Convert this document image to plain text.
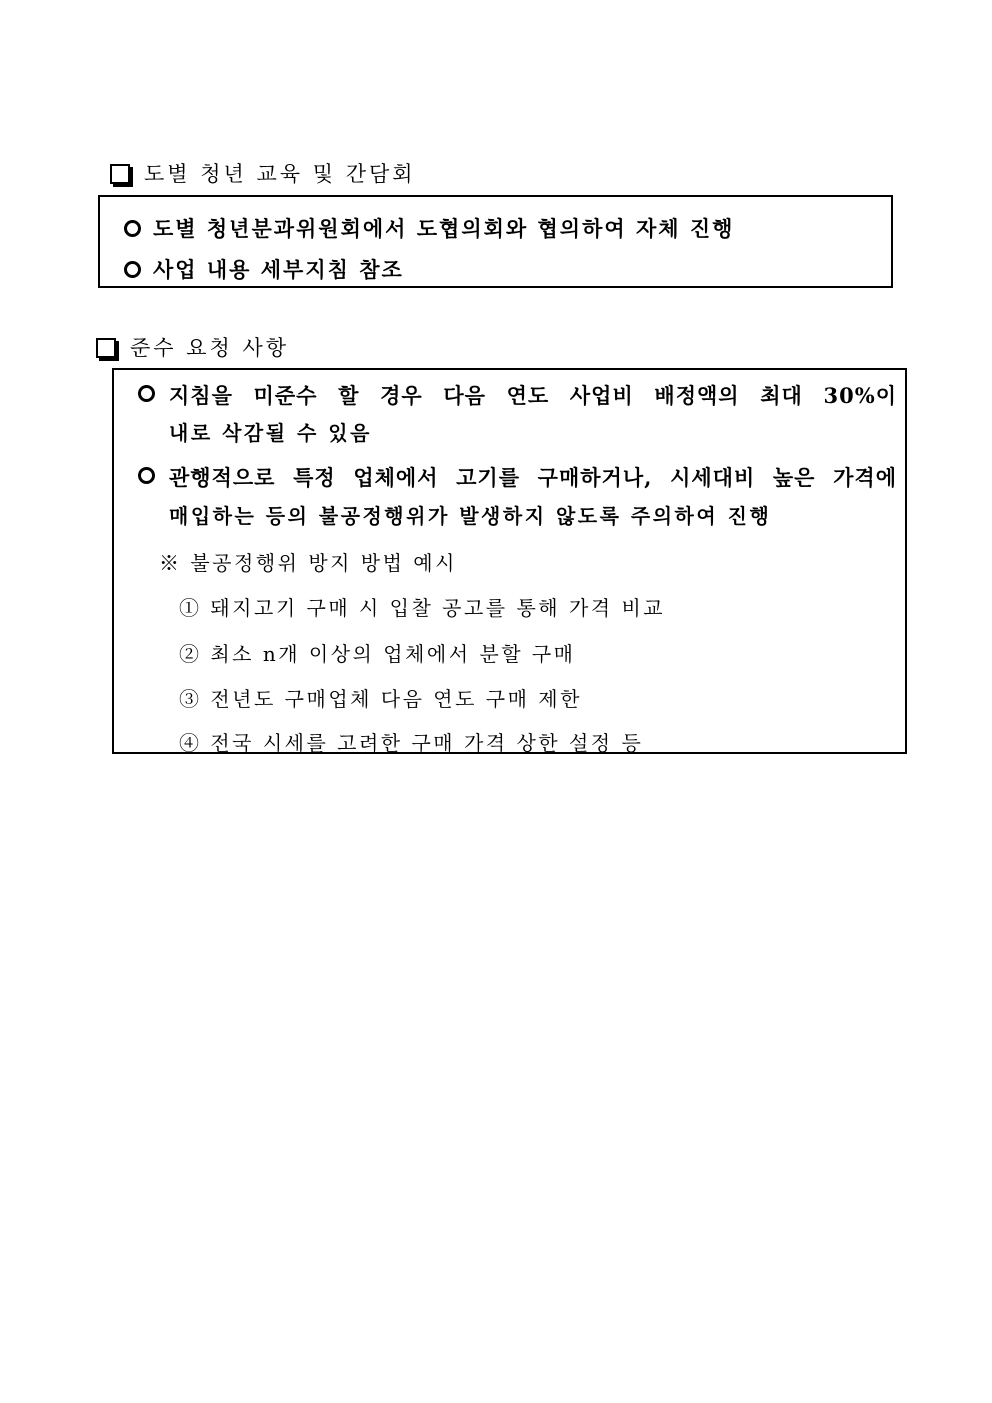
도별 청년 교육 및 간담회
도별 청년분과위원회에서 도협의회와 협의하여 자체 진행
사업 내용 세부지침 참조
준수 요청 사항
지침을 미준수 할 경우 다음 연도 사업비 배정액의 최대 30%이
내로 삭감될 수 있음
관행적으로 특정 업체에서 고기를 구매하거나, 시세대비 높은 가격에
매입하는 등의 불공정행위가 발생하지 않도록 주의하여 진행
※ 불공정행위 방지 방법 예시
① 돼지고기 구매 시 입찰 공고를 통해 가격 비교
② 최소 n개 이상의 업체에서 분할 구매
③ 전년도 구매업체 다음 연도 구매 제한
④ 전국 시세를 고려한 구매 가격 상한 설정 등
